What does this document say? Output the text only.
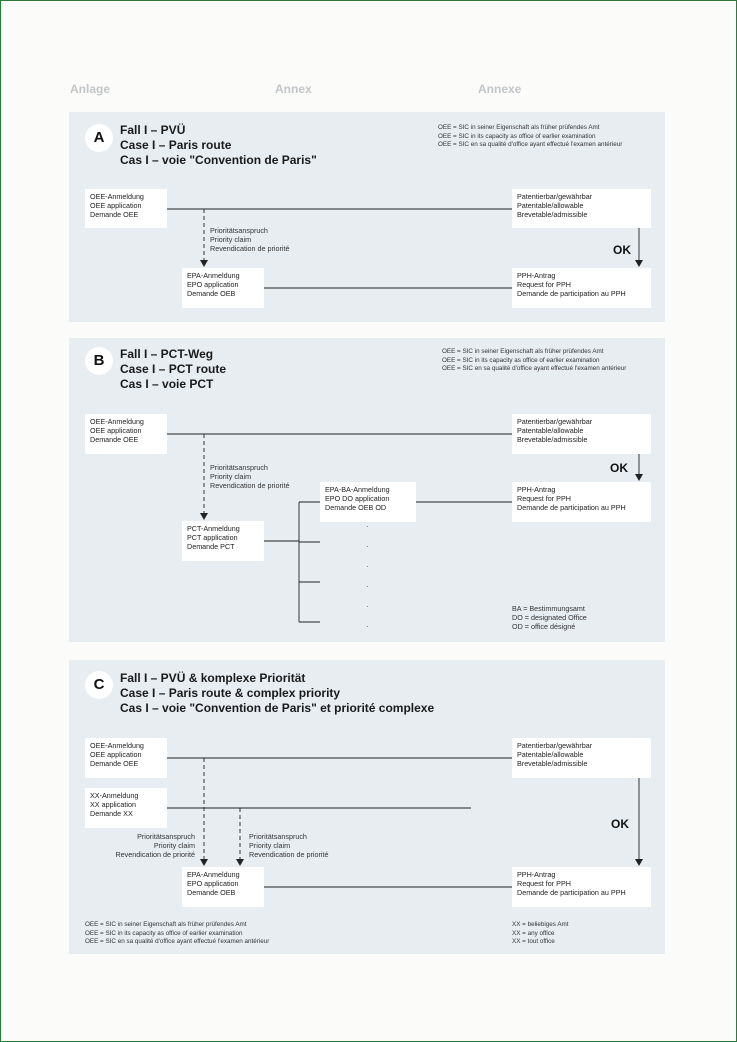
Anlage	Annex	Annexe
A	Fall I – PVÜ
Case I – Paris route
Cas I – voie "Convention de Paris"
OEE = SIC in seiner Eigenschaft als früher prüfendes Amt
OEE = SIC in its capacity as office of earlier examination
OEE = SIC en sa qualité d'office ayant effectué l'examen antérieur
OEE-Anmeldung
OEE application
Demande OEE
Patentierbar/gewährbar
Patentable/allowable
Brevetable/admissible
Prioritätsanspruch
Priority claim
Revendication de priorité
EPA-Anmeldung
EPO application
Demande OEB
PPH-Antrag
Request for PPH
Demande de participation au PPH
OK
B	Fall I – PCT-Weg
Case I – PCT route
Cas I – voie PCT
OEE = SIC in seiner Eigenschaft als früher prüfendes Amt
OEE = SIC in its capacity as office of earlier examination
OEE = SIC en sa qualité d'office ayant effectué l'examen antérieur
OEE-Anmeldung
OEE application
Demande OEE
Patentierbar/gewährbar
Patentable/allowable
Brevetable/admissible
Prioritätsanspruch
Priority claim
Revendication de priorité
PCT-Anmeldung
PCT application
Demande PCT
EPA-BA-Anmeldung
EPO DO application
Demande OEB OD
PPH-Antrag
Request for PPH
Demande de participation au PPH
OK
·
·
·
·
·
·
BA = Bestimmungsamt
DO = designated Office
OD = office désigné
C	Fall I – PVÜ & komplexe Priorität
Case I – Paris route & complex priority
Cas I – voie "Convention de Paris" et priorité complexe
OEE-Anmeldung
OEE application
Demande OEE
Patentierbar/gewährbar
Patentable/allowable
Brevetable/admissible
XX-Anmeldung
XX application
Demande XX
Prioritätsanspruch
Priority claim
Revendication de priorité
Prioritätsanspruch
Priority claim
Revendication de priorité
EPA-Anmeldung
EPO application
Demande OEB
PPH-Antrag
Request for PPH
Demande de participation au PPH
OK
OEE = SIC in seiner Eigenschaft als früher prüfendes Amt
OEE = SIC in its capacity as office of earlier examination
OEE = SIC en sa qualité d'office ayant effectué l'examen antérieur
XX = beliebiges Amt
XX = any office
XX = tout office
